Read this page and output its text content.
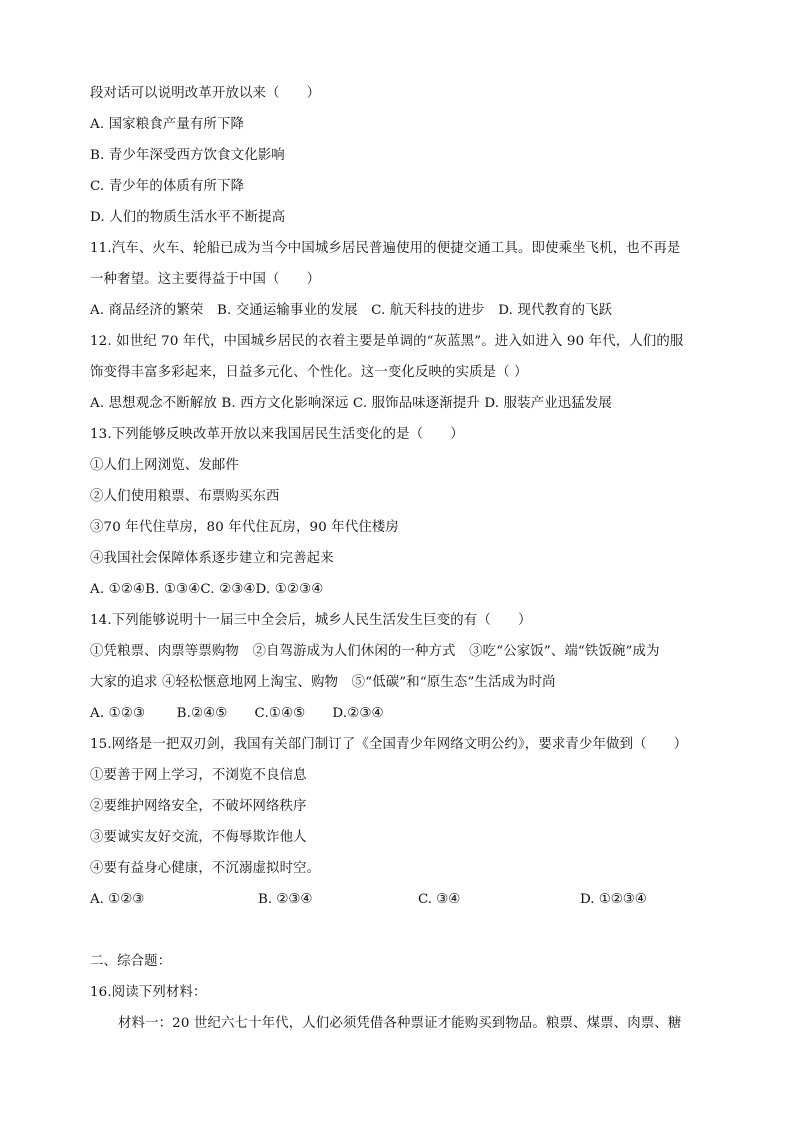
段对话可以说明改革开放以来（　　）
A. 国家粮食产量有所下降
B. 青少年深受西方饮食文化影响
C. 青少年的体质有所下降
D. 人们的物质生活水平不断提高
11.汽车、火车、轮船已成为当今中国城乡居民普遍使用的便捷交通工具。即使乘坐飞机，也不再是
一种奢望。这主要得益于中国（　　）
A. 商品经济的繁荣　B. 交通运输事业的发展　C. 航天科技的进步　D. 现代教育的飞跃
12. 如世纪 70 年代，中国城乡居民的衣着主要是单调的“灰蓝黑”。进入如进入 90 年代，人们的服
饰变得丰富多彩起来，日益多元化、个性化。这一变化反映的实质是（ ）
A. 思想观念不断解放 B. 西方文化影响深远 C. 服饰品味逐渐提升 D. 服装产业迅猛发展
13.下列能够反映改革开放以来我国居民生活变化的是（　　）
①人们上网浏览、发邮件
②人们使用粮票、布票购买东西
③70 年代住草房，80 年代住瓦房，90 年代住楼房
④我国社会保障体系逐步建立和完善起来
A. ①②④B. ①③④C. ②③④D. ①②③④
14.下列能够说明十一届三中全会后，城乡人民生活发生巨变的有（　　）
①凭粮票、肉票等票购物　②自驾游成为人们休闲的一种方式　③吃“公家饭”、端“铁饭碗”成为
大家的追求 ④轻松惬意地网上淘宝、购物　⑤“低碳”和“原生态”生活成为时尚
A. ①②③　　 B.②④⑤　　C.①④⑤　　D.②③④
15.网络是一把双刃剑，我国有关部门制订了《全国青少年网络文明公约》，要求青少年做到（　　）
①要善于网上学习，不浏览不良信息
②要维护网络安全，不破坏网络秩序
③要诚实友好交流，不侮辱欺诈他人
④要有益身心健康，不沉溺虚拟时空。
A. ①②③	B. ②③④	C. ③④	D. ①②③④
二、综合题：
16.阅读下列材料：
材料一：20 世纪六七十年代，人们必须凭借各种票证才能购买到物品。粮票、煤票、肉票、糖
